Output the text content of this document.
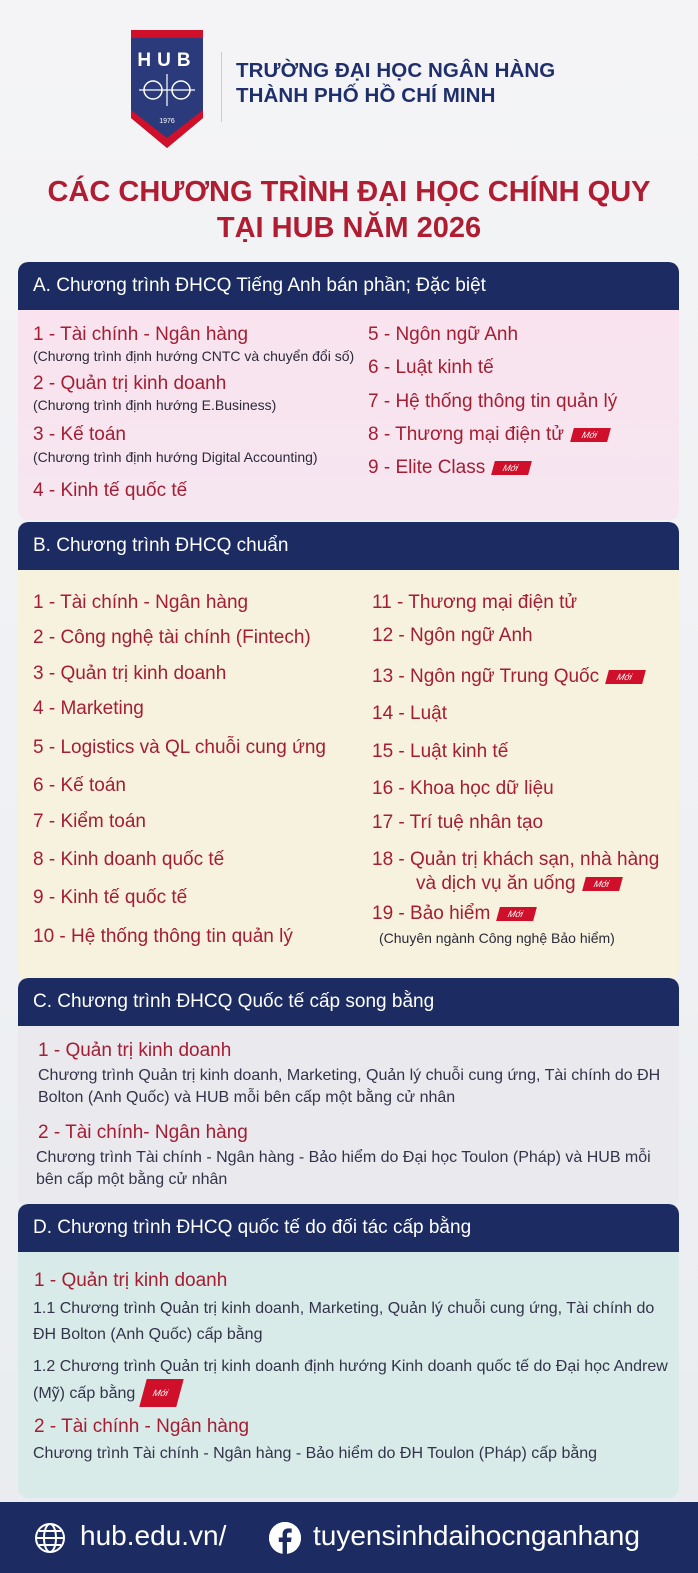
HUB
1976
TRƯỜNG ĐẠI HỌC NGÂN HÀNG
THÀNH PHỐ HỒ CHÍ MINH
CÁC CHƯƠNG TRÌNH ĐẠI HỌC CHÍNH QUY
TẠI HUB NĂM 2026
A. Chương trình ĐHCQ Tiếng Anh bán phần; Đặc biệt
1 - Tài chính - Ngân hàng
(Chương trình định hướng CNTC và chuyển đổi số)
2 - Quản trị kinh doanh
(Chương trình định hướng E.Business)
3 - Kế toán
(Chương trình định hướng Digital Accounting)
4 - Kinh tế quốc tế
5 - Ngôn ngữ Anh
6 - Luật kinh tế
7 - Hệ thống thông tin quản lý
8 - Thương mại điện tử Mới
9 - Elite Class Mới
B. Chương trình ĐHCQ chuẩn
1 - Tài chính - Ngân hàng
2 - Công nghệ tài chính (Fintech)
3 - Quản trị kinh doanh
4 - Marketing
5 - Logistics và QL chuỗi cung ứng
6 - Kế toán
7 - Kiểm toán
8 - Kinh doanh quốc tế
9 - Kinh tế quốc tế
10 - Hệ thống thông tin quản lý
11 - Thương mại điện tử
12 - Ngôn ngữ Anh
13 - Ngôn ngữ Trung Quốc Mới
14 - Luật
15 - Luật kinh tế
16 - Khoa học dữ liệu
17 - Trí tuệ nhân tạo
18 - Quản trị khách sạn, nhà hàng
và dịch vụ ăn uống Mới
19 - Bảo hiểm Mới
(Chuyên ngành Công nghệ Bảo hiểm)
C. Chương trình ĐHCQ Quốc tế cấp song bằng
1 - Quản trị kinh doanh
Chương trình Quản trị kinh doanh, Marketing, Quản lý chuỗi cung ứng, Tài chính do ĐH Bolton (Anh Quốc) và HUB mỗi bên cấp một bằng cử nhân
2 - Tài chính- Ngân hàng
Chương trình Tài chính - Ngân hàng - Bảo hiểm do Đại học Toulon (Pháp) và HUB mỗi bên cấp một bằng cử nhân
D. Chương trình ĐHCQ quốc tế do đối tác cấp bằng
1 - Quản trị kinh doanh
1.1 Chương trình Quản trị kinh doanh, Marketing, Quản lý chuỗi cung ứng, Tài chính do ĐH Bolton (Anh Quốc) cấp bằng
1.2 Chương trình Quản trị kinh doanh định hướng Kinh doanh quốc tế do Đại học Andrew (Mỹ) cấp bằng Mới
2 - Tài chính - Ngân hàng
Chương trình Tài chính - Ngân hàng - Bảo hiểm do ĐH Toulon (Pháp) cấp bằng
hub.edu.vn/	tuyensinhdaihocnganhang
